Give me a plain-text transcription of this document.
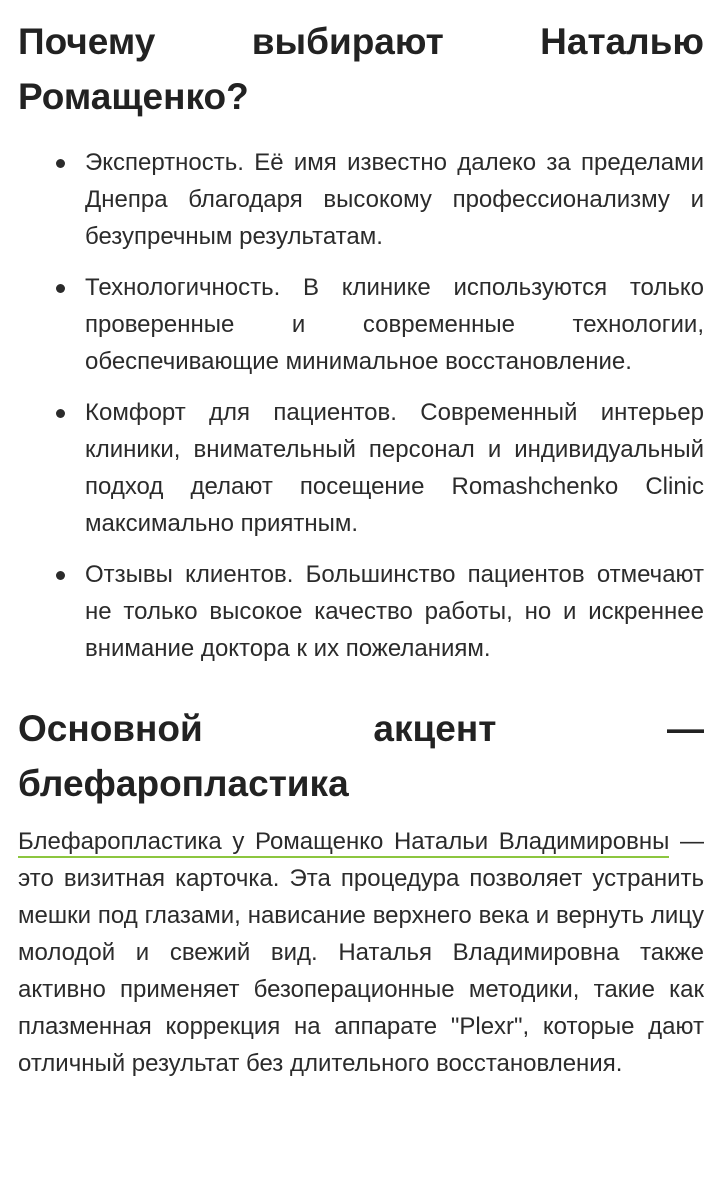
Почему выбирают Наталью Ромащенко?
Экспертность. Её имя известно далеко за пределами Днепра благодаря высокому профессионализму и безупречным результатам.
Технологичность. В клинике используются только проверенные и современные технологии, обеспечивающие минимальное восстановление.
Комфорт для пациентов. Современный интерьер клиники, внимательный персонал и индивидуальный подход делают посещение Romashchenko Clinic максимально приятным.
Отзывы клиентов. Большинство пациентов отмечают не только высокое качество работы, но и искреннее внимание доктора к их пожеланиям.
Основной акцент — блефаропластика

Блефаропластика у Ромащенко Натальи Владимировны — это визитная карточка. Эта процедура позволяет устранить мешки под глазами, нависание верхнего века и вернуть лицу молодой и свежий вид. Наталья Владимировна также активно применяет безоперационные методики, такие как плазменная коррекция на аппарате "Plexr", которые дают отличный результат без длительного восстановления.
